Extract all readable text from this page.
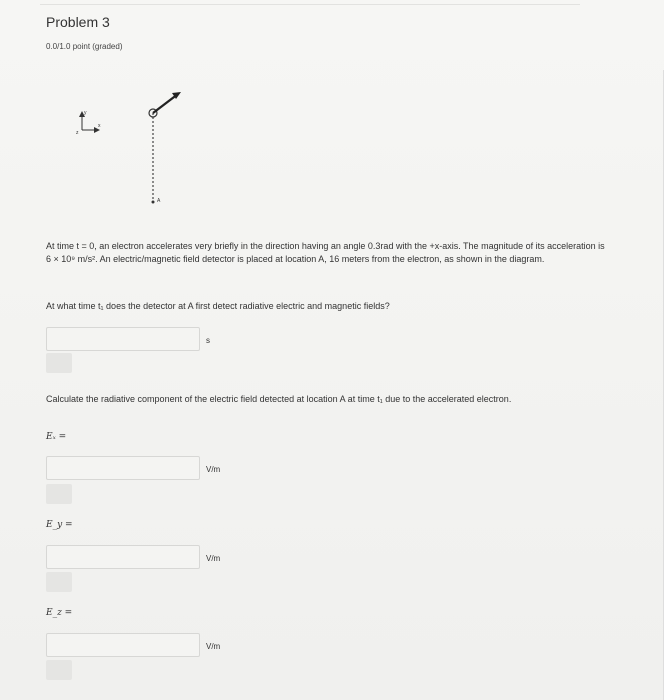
Problem 3
0.0/1.0 point (graded)
y
x
z
A
At time t = 0, an electron accelerates very briefly in the direction having an angle 0.3rad with the +x-axis. The magnitude of its acceleration is 6 × 10⁹ m/s². An electric/magnetic field detector is placed at location A, 16 meters from the electron, as shown in the diagram.
At what time t₁ does the detector at A first detect radiative electric and magnetic fields?
s
Calculate the radiative component of the electric field detected at location A at time t₁ due to the accelerated electron.
Eₓ =
V/m
E_y =
V/m
E_z =
V/m
